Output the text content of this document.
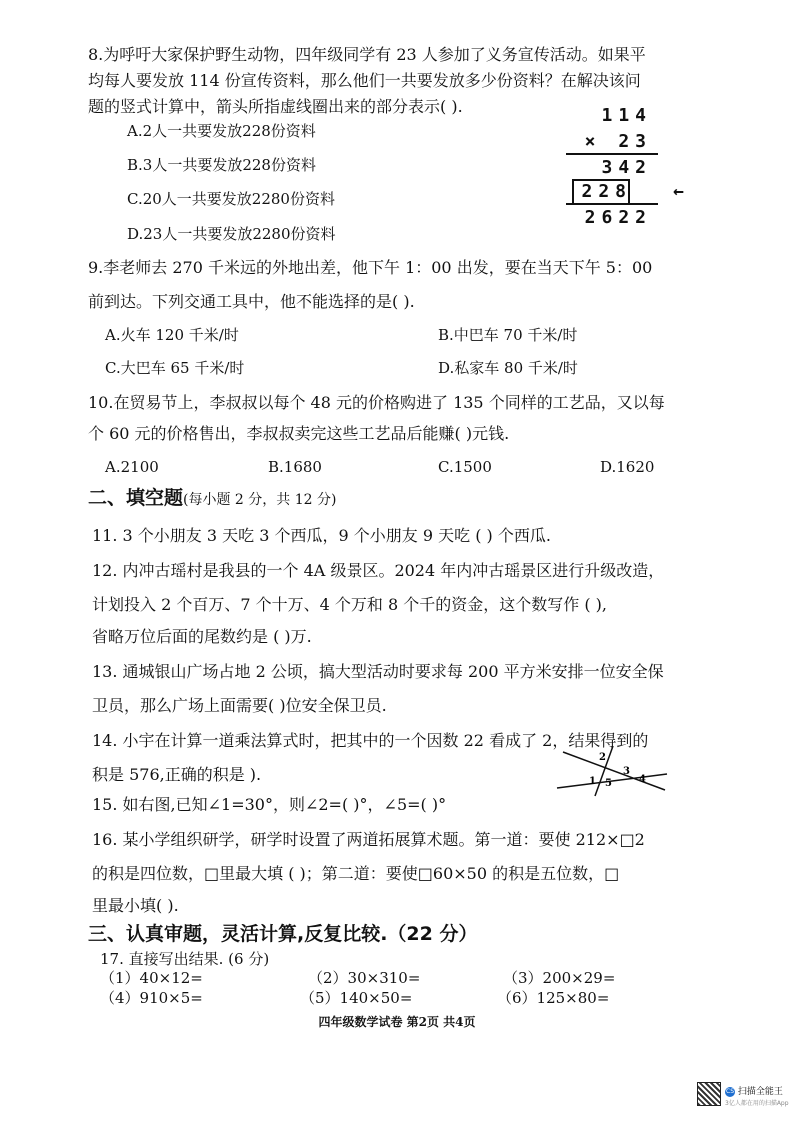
8.为呼吁大家保护野生动物，四年级同学有 23 人参加了义务宣传活动。如果平
均每人要发放 114 份宣传资料，那么他们一共要发放多少份资料？在解决该问
题的竖式计算中，箭头所指虚线圈出来的部分表示( ).
A.2人一共要发放228份资料
B.3人一共要发放228份资料
C.20人一共要发放2280份资料
D.23人一共要发放2280份资料
114
× 23
342
228 ←
2622
9.李老师去 270 千米远的外地出差，他下午 1：00 出发，要在当天下午 5：00
前到达。下列交通工具中，他不能选择的是( ).
A.火车 120 千米/时	B.中巴车 70 千米/时
C.大巴车 65 千米/时	D.私家车 80 千米/时
10.在贸易节上，李叔叔以每个 48 元的价格购进了 135 个同样的工艺品，又以每
个 60 元的价格售出，李叔叔卖完这些工艺品后能赚( )元钱.
A.2100	B.1680	C.1500	D.1620
二、填空题(每小题 2 分，共 12 分)
11. 3 个小朋友 3 天吃 3 个西瓜，9 个小朋友 9 天吃 ( ) 个西瓜.
12. 内冲古瑶村是我县的一个 4A 级景区。2024 年内冲古瑶景区进行升级改造，
计划投入 2 个百万、7 个十万、4 个万和 8 个千的资金，这个数写作 ( ),
省略万位后面的尾数约是 ( )万.
13. 通城银山广场占地 2 公顷，搞大型活动时要求每 200 平方米安排一位安全保
卫员，那么广场上面需要( )位安全保卫员.
14. 小宇在计算一道乘法算式时，把其中的一个因数 22 看成了 2，结果得到的
积是 576,正确的积是 ).
15. 如右图,已知∠1=30°，则∠2=( )°，∠5=( )°
2
3
1 5	4
16. 某小学组织研学，研学时设置了两道拓展算术题。第一道：要使 212×□2
的积是四位数，□里最大填 ( )；第二道：要使□60×50 的积是五位数，□
里最小填( ).
三、认真审题，灵活计算,反复比较.（22 分）
17. 直接写出结果. (6 分)
（1）40×12=	（2）30×310=	（3）200×29=
（4）910×5=	（5）140×50=	（6）125×80=
四年级数学试卷 第2页 共4页
CS 扫描全能王
3亿人都在用的扫描App
